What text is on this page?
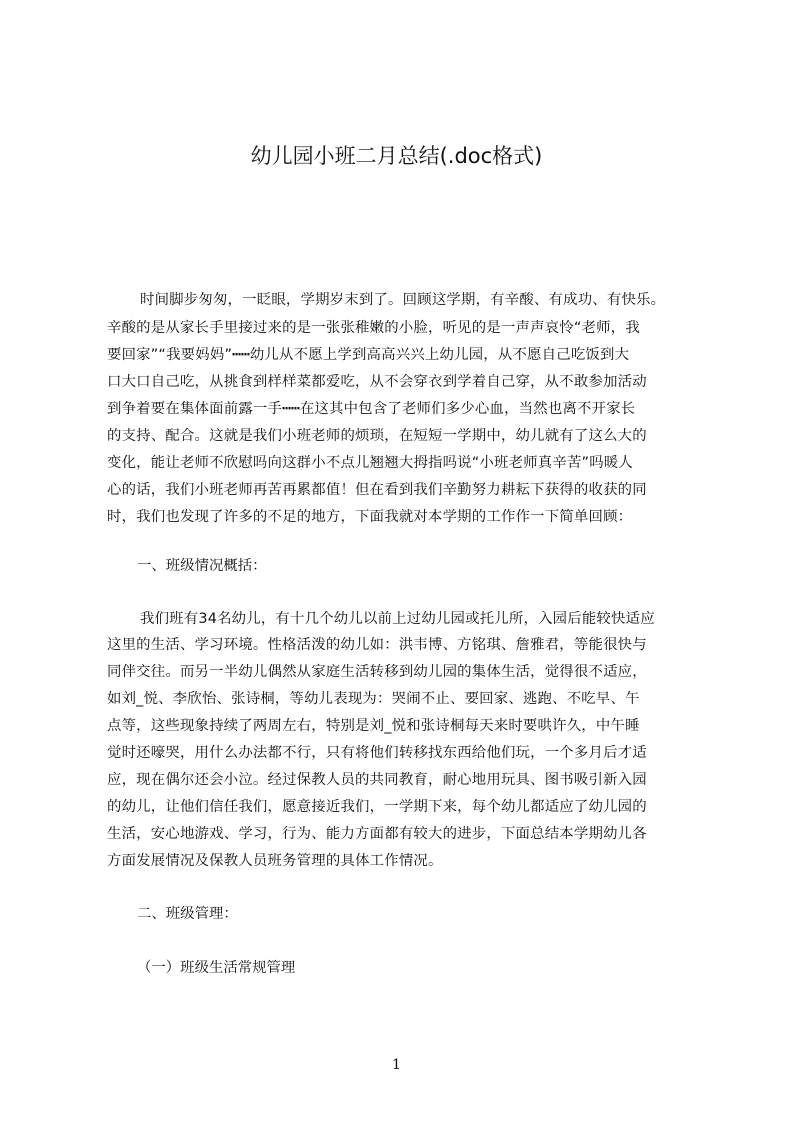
幼儿园小班二月总结(.doc格式)
时间脚步匆匆，一眨眼，学期岁末到了。回顾这学期，有辛酸、有成功、有快乐。
辛酸的是从家长手里接过来的是一张张稚嫩的小脸，听见的是一声声哀怜“老师，我
要回家”“我要妈妈”┅┅幼儿从不愿上学到高高兴兴上幼儿园，从不愿自己吃饭到大
口大口自己吃，从挑食到样样菜都爱吃，从不会穿衣到学着自己穿，从不敢参加活动
到争着要在集体面前露一手┅┅在这其中包含了老师们多少心血，当然也离不开家长
的支持、配合。这就是我们小班老师的烦琐，在短短一学期中，幼儿就有了这么大的
变化，能让老师不欣慰吗向这群小不点儿翘翘大拇指吗说“小班老师真辛苦”吗暖人
心的话，我们小班老师再苦再累都值！但在看到我们辛勤努力耕耘下获得的收获的同
时，我们也发现了许多的不足的地方，下面我就对本学期的工作作一下简单回顾：
一、班级情况概括：
我们班有34名幼儿，有十几个幼儿以前上过幼儿园或托儿所，入园后能较快适应
这里的生活、学习环境。性格活泼的幼儿如：洪韦博、方铭琪、詹雅君，等能很快与
同伴交往。而另一半幼儿偶然从家庭生活转移到幼儿园的集体生活，觉得很不适应，
如刘_悦、李欣怡、张诗桐，等幼儿表现为：哭闹不止、要回家、逃跑、不吃早、午
点等，这些现象持续了两周左右，特别是刘_悦和张诗桐每天来时要哄许久，中午睡
觉时还嚎哭，用什么办法都不行，只有将他们转移找东西给他们玩，一个多月后才适
应，现在偶尔还会小泣。经过保教人员的共同教育，耐心地用玩具、图书吸引新入园
的幼儿，让他们信任我们，愿意接近我们，一学期下来，每个幼儿都适应了幼儿园的
生活，安心地游戏、学习，行为、能力方面都有较大的进步，下面总结本学期幼儿各
方面发展情况及保教人员班务管理的具体工作情况。
二、班级管理：
（一）班级生活常规管理
1
